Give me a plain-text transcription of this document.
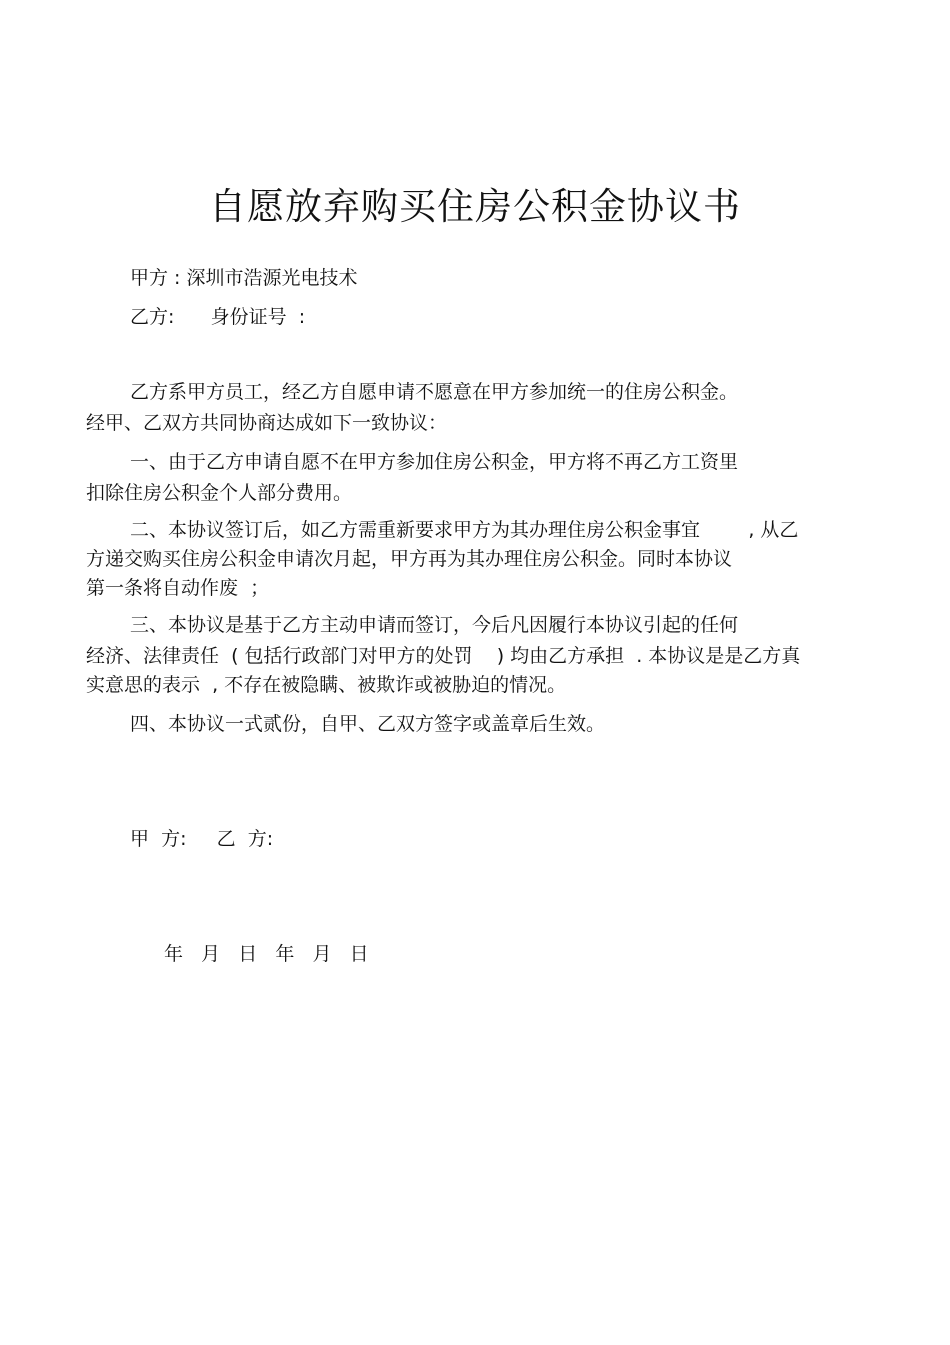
自愿放弃购买住房公积金协议书
甲方 : 深圳市浩源光电技术
乙方:      身份证号  :
乙方系甲方员工，经乙方自愿申请不愿意在甲方参加统一的住房公积金。
经甲、乙双方共同协商达成如下一致协议：
一、由于乙方申请自愿不在甲方参加住房公积金，甲方将不再乙方工资里
扣除住房公积金个人部分费用。
二、本协议签订后，如乙方需重新要求甲方为其办理住房公积金事宜        , 从乙
方递交购买住房公积金申请次月起，甲方再为其办理住房公积金。同时本协议
第一条将自动作废  ；
三、本协议是基于乙方主动申请而签订，今后凡因履行本协议引起的任何
经济、法律责任  ( 包括行政部门对甲方的处罚    ) 均由乙方承担  . 本协议是是乙方真
实意思的表示  , 不存在被隐瞒、被欺诈或被胁迫的情况。
四、本协议一式贰份，自甲、乙双方签字或盖章后生效。
甲  方:     乙  方:
年   月   日   年   月   日
